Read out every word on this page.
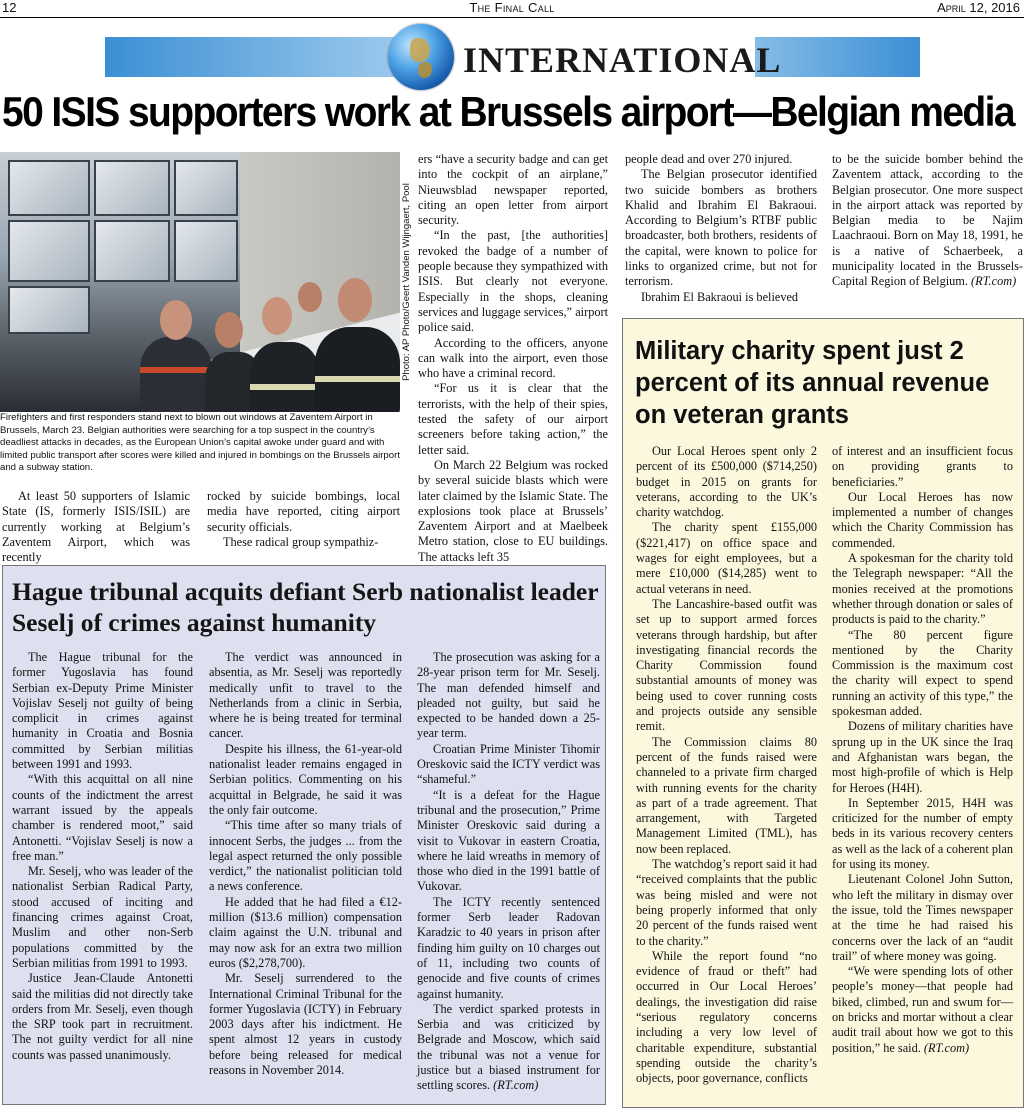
12	The Final Call	April 12, 2016
INTERNATIONAL
50 ISIS supporters work at Brussels airport—Belgian media
Photo: AP Photo/Geert Vanden Wijngaert, Pool
Firefighters and first responders stand next to blown out windows at Zaventem Airport in Brussels, March 23. Belgian authorities were searching for a top suspect in the country’s deadliest attacks in decades, as the European Union’s capital awoke under guard and with limited public transport after scores were killed and injured in bombings on the Brussels airport and a subway station.

At least 50 supporters of Islamic State (IS, formerly ISIS/ISIL) are currently working at Belgium’s Zaventem Airport, which was recently

rocked by suicide bombings, local media have reported, citing airport security officials.

These radical group sympathiz-

ers “have a security badge and can get into the cockpit of an airplane,” Nieuwsblad newspaper reported, citing an open letter from airport security.

“In the past, [the authorities] revoked the badge of a number of people because they sympathized with ISIS. But clearly not everyone. Especially in the shops, cleaning services and luggage services,” airport police said.

According to the officers, anyone can walk into the airport, even those who have a criminal record.

“For us it is clear that the terrorists, with the help of their spies, tested the safety of our airport screeners before taking action,” the letter said.

On March 22 Belgium was rocked by several suicide blasts which were later claimed by the Islamic State. The explosions took place at Brussels’ Zaventem Airport and at Maelbeek Metro station, close to EU buildings. The attacks left 35

people dead and over 270 injured.

The Belgian prosecutor identified two suicide bombers as brothers Khalid and Ibrahim El Bakraoui. According to Belgium’s RTBF public broadcaster, both brothers, residents of the capital, were known to police for links to organized crime, but not for terrorism.

Ibrahim El Bakraoui is believed

to be the suicide bomber behind the Zaventem attack, according to the Belgian prosecutor. One more suspect in the airport attack was reported by Belgian media to be Najim Laachraoui. Born on May 18, 1991, he is a native of Schaerbeek, a municipality located in the Brussels-Capital Region of Belgium. (RT.com)

Hague tribunal acquits defiant Serb nationalist leader Seselj of crimes against humanity

The Hague tribunal for the former Yugoslavia has found Serbian ex-Deputy Prime Minister Vojislav Seselj not guilty of being complicit in crimes against humanity in Croatia and Bosnia committed by Serbian militias between 1991 and 1993.

“With this acquittal on all nine counts of the indictment the arrest warrant issued by the appeals chamber is rendered moot,” said Antonetti. “Vojislav Seselj is now a free man.”

Mr. Seselj, who was leader of the nationalist Serbian Radical Party, stood accused of inciting and financing crimes against Croat, Muslim and other non-Serb populations committed by the Serbian militias from 1991 to 1993.

Justice Jean-Claude Antonetti said the militias did not directly take orders from Mr. Seselj, even though the SRP took part in recruitment. The not guilty verdict for all nine counts was passed unanimously.

The verdict was announced in absentia, as Mr. Seselj was reportedly medically unfit to travel to the Netherlands from a clinic in Serbia, where he is being treated for terminal cancer.

Despite his illness, the 61-year-old nationalist leader remains engaged in Serbian politics. Commenting on his acquittal in Belgrade, he said it was the only fair outcome.

“This time after so many trials of innocent Serbs, the judges ... from the legal aspect returned the only possible verdict,” the nationalist politician told a news conference.

He added that he had filed a €12-million ($13.6 million) compensation claim against the U.N. tribunal and may now ask for an extra two million euros ($2,278,700).

Mr. Seselj surrendered to the International Criminal Tribunal for the former Yugoslavia (ICTY) in February 2003 days after his indictment. He spent almost 12 years in custody before being released for medical reasons in November 2014.

The prosecution was asking for a 28-year prison term for Mr. Seselj. The man defended himself and pleaded not guilty, but said he expected to be handed down a 25-year term.

Croatian Prime Minister Tihomir Oreskovic said the ICTY verdict was “shameful.”

“It is a defeat for the Hague tribunal and the prosecution,” Prime Minister Oreskovic said during a visit to Vukovar in eastern Croatia, where he laid wreaths in memory of those who died in the 1991 battle of Vukovar.

The ICTY recently sentenced former Serb leader Radovan Karadzic to 40 years in prison after finding him guilty on 10 charges out of 11, including two counts of genocide and five counts of crimes against humanity.

The verdict sparked protests in Serbia and was criticized by Belgrade and Moscow, which said the tribunal was not a venue for justice but a biased instrument for settling scores. (RT.com)

Military charity spent just 2 percent of its annual revenue on veteran grants

Our Local Heroes spent only 2 percent of its £500,000 ($714,250) budget in 2015 on grants for veterans, according to the UK’s charity watchdog.

The charity spent £155,000 ($221,417) on office space and wages for eight employees, but a mere £10,000 ($14,285) went to actual veterans in need.

The Lancashire-based outfit was set up to support armed forces veterans through hardship, but after investigating financial records the Charity Commission found substantial amounts of money was being used to cover running costs and projects outside any sensible remit.

The Commission claims 80 percent of the funds raised were channeled to a private firm charged with running events for the charity as part of a trade agreement. That arrangement, with Targeted Management Limited (TML), has now been replaced.

The watchdog’s report said it had “received complaints that the public was being misled and were not being properly informed that only 20 percent of the funds raised went to the charity.”

While the report found “no evidence of fraud or theft” had occurred in Our Local Heroes’ dealings, the investigation did raise “serious regulatory concerns including a very low level of charitable expenditure, substantial spending outside the charity’s objects, poor governance, conflicts

of interest and an insufficient focus on providing grants to beneficiaries.”

Our Local Heroes has now implemented a number of changes which the Charity Commission has commended.

A spokesman for the charity told the Telegraph newspaper: “All the monies received at the promotions whether through donation or sales of products is paid to the charity.”

“The 80 percent figure mentioned by the Charity Commission is the maximum cost the charity will expect to spend running an activity of this type,” the spokesman added.

Dozens of military charities have sprung up in the UK since the Iraq and Afghanistan wars began, the most high-profile of which is Help for Heroes (H4H).

In September 2015, H4H was criticized for the number of empty beds in its various recovery centers as well as the lack of a coherent plan for using its money.

Lieutenant Colonel John Sutton, who left the military in dismay over the issue, told the Times newspaper at the time he had raised his concerns over the lack of an “audit trail” of where money was going.

“We were spending lots of other people’s money—that people had biked, climbed, run and swum for—on bricks and mortar without a clear audit trail about how we got to this position,” he said. (RT.com)
